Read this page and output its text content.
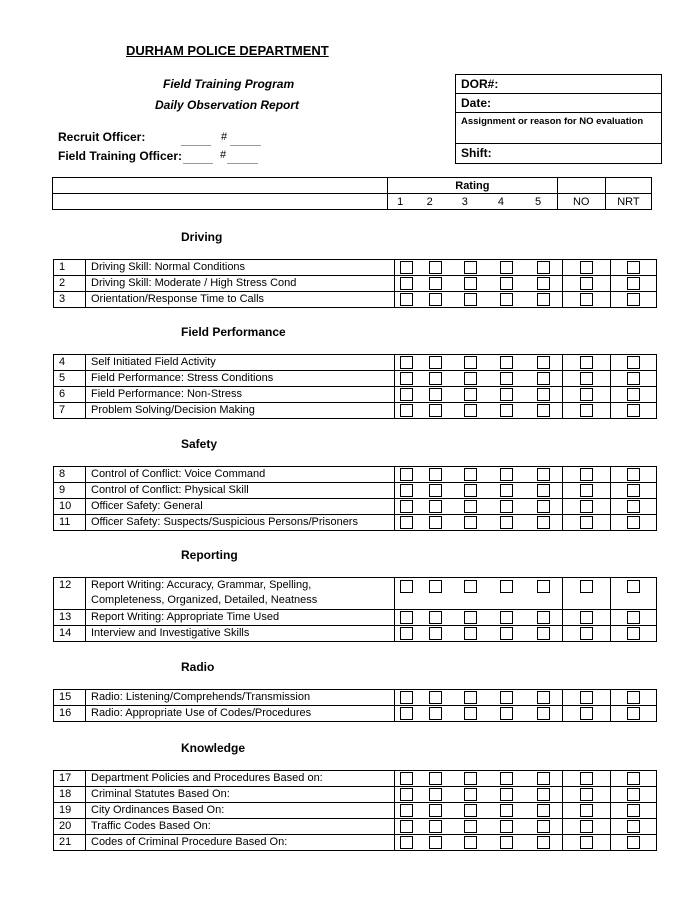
DURHAM POLICE DEPARTMENT
Field Training Program
Daily Observation Report
Recruit Officer:	#
Field Training Officer:	#
DOR#:
Date:
Assignment or reason for NO evaluation
Shift:
	Rating						
	1	2	3	4	5	NO	NRT
Driving
1	Driving Skill: Normal Conditions							
2	Driving Skill: Moderate / High Stress Cond							
3	Orientation/Response Time to Calls							
Field Performance
4	Self Initiated Field Activity							
5	Field Performance: Stress Conditions							
6	Field Performance: Non-Stress							
7	Problem Solving/Decision Making							
Safety
8	Control of Conflict: Voice Command							
9	Control of Conflict: Physical Skill							
10	Officer Safety: General							
11	Officer Safety: Suspects/Suspicious Persons/Prisoners							
Reporting
12	Report Writing: Accuracy, Grammar, Spelling,
Completeness, Organized, Detailed, Neatness							

13	Report Writing: Appropriate Time Used							
14	Interview and Investigative Skills							
Radio
15	Radio: Listening/Comprehends/Transmission							
16	Radio: Appropriate Use of Codes/Procedures							
Knowledge
17	Department Policies and Procedures Based on:							
18	Criminal Statutes Based On:							
19	City Ordinances Based On:							
20	Traffic Codes Based On:							
21	Codes of Criminal Procedure Based On:							
